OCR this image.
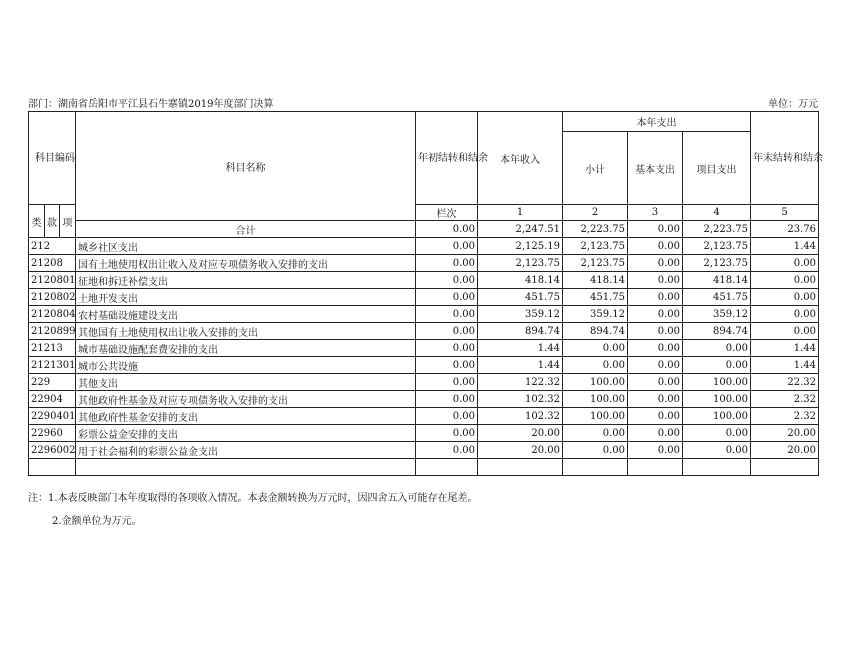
部门：湖南省岳阳市平江县石牛寨镇2019年度部门决算	单位：万元
科目编码			科目名称	年初结转和结余	本年收入	本年支出			年末结转和结余	
						小计	基本支出	项目支出		
类	款	项		栏次	1	2	3	4	5	
			合计	0.00	2,247.51	2,223.75	0.00	2,223.75	23.76	
212			城乡社区支出	0.00	2,125.19	2,123.75	0.00	2,123.75	1.44	
21208			国有土地使用权出让收入及对应专项债务收入安排的支出	0.00	2,123.75	2,123.75	0.00	2,123.75	0.00	
2120801			征地和拆迁补偿支出	0.00	418.14	418.14	0.00	418.14	0.00	
2120802			土地开发支出	0.00	451.75	451.75	0.00	451.75	0.00	
2120804			农村基础设施建设支出	0.00	359.12	359.12	0.00	359.12	0.00	
2120899			其他国有土地使用权出让收入安排的支出	0.00	894.74	894.74	0.00	894.74	0.00	
21213			城市基础设施配套费安排的支出	0.00	1.44	0.00	0.00	0.00	1.44	
2121301			城市公共设施	0.00	1.44	0.00	0.00	0.00	1.44	
229			其他支出	0.00	122.32	100.00	0.00	100.00	22.32	
22904			其他政府性基金及对应专项债务收入安排的支出	0.00	102.32	100.00	0.00	100.00	2.32	
2290401			其他政府性基金安排的支出	0.00	102.32	100.00	0.00	100.00	2.32	
22960			彩票公益金安排的支出	0.00	20.00	0.00	0.00	0.00	20.00	
2296002			用于社会福利的彩票公益金支出	0.00	20.00	0.00	0.00	0.00	20.00	

注：1.本表反映部门本年度取得的各项收入情况。本表金额转换为万元时，因四舍五入可能存在尾差。
2.金额单位为万元。
